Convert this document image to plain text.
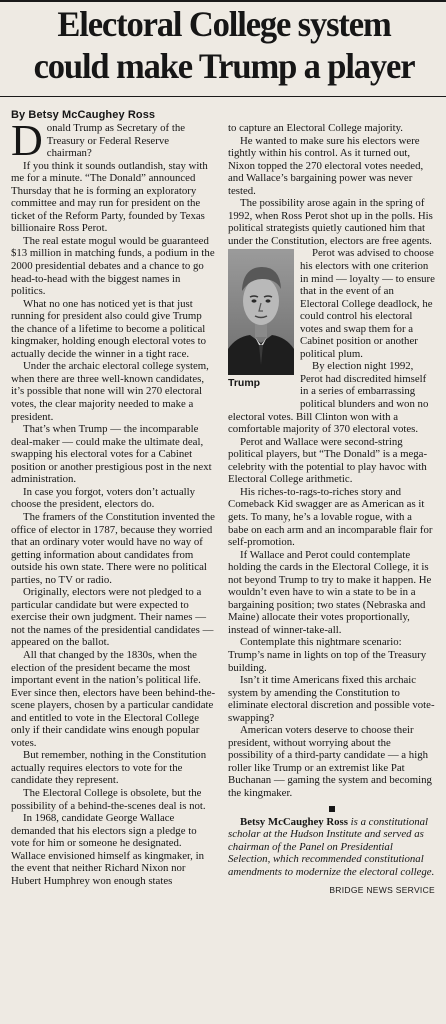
Electoral College system
could make Trump a player
By Betsy McCaughey Ross

Donald Trump as Secretary of the Treasury or Federal Reserve chairman?

If you think it sounds outlandish, stay with me for a minute. “The Donald” announced Thursday that he is forming an exploratory committee and may run for president on the ticket of the Reform Party, founded by Texas billionaire Ross Perot.

The real estate mogul would be guaranteed $13 million in matching funds, a podium in the 2000 presidential debates and a chance to go head-to-head with the biggest names in politics.

What no one has noticed yet is that just running for president also could give Trump the chance of a lifetime to become a political kingmaker, holding enough electoral votes to actually decide the winner in a tight race.

Under the archaic electoral college system, when there are three well-known candidates, it’s possible that none will win 270 electoral votes, the clear majority needed to make a president.

That’s when Trump — the incomparable deal-maker — could make the ultimate deal, swapping his electoral votes for a Cabinet position or another prestigious post in the next administration.

In case you forgot, voters don’t actually choose the president, electors do.

The framers of the Constitution invented the office of elector in 1787, because they worried that an ordinary voter would have no way of getting information about candidates from outside his own state. There were no political parties, no TV or radio.

Originally, electors were not pledged to a particular candidate but were expected to exercise their own judgment. Their names — not the names of the presidential candidates — appeared on the ballot.

All that changed by the 1830s, when the election of the president became the most important event in the nation’s political life. Ever since then, electors have been behind-the-scene players, chosen by a particular candidate and entitled to vote in the Electoral College only if their candidate wins enough popular votes.

But remember, nothing in the Constitution actually requires electors to vote for the candidate they represent.

The Electoral College is obsolete, but the possibility of a behind-the-scenes deal is not.

In 1968, candidate George Wallace demanded that his electors sign a pledge to vote for him or someone he designated. Wallace envisioned himself as kingmaker, in the event that neither Richard Nixon nor Hubert Humphrey won enough states

to capture an Electoral College majority.

He wanted to make sure his electors were tightly within his control. As it turned out, Nixon topped the 270 electoral votes needed, and Wallace’s bargaining power was never tested.

The possibility arose again in the spring of 1992, when Ross Perot shot up in the polls. His political strategists quietly cautioned him that under the Constitution, electors are free agents.

Trump

Perot was advised to choose his electors with one criterion in mind — loyalty — to ensure that in the event of an Electoral College deadlock, he could control his electoral votes and swap them for a Cabinet position or another political plum.

By election night 1992, Perot had discredited himself in a series of embarrassing political blunders and won no electoral votes. Bill Clinton won with a comfortable majority of 370 electoral votes.

Perot and Wallace were second-string political players, but “The Donald” is a mega-celebrity with the potential to play havoc with Electoral College arithmetic.

His riches-to-rags-to-riches story and Comeback Kid swagger are as American as it gets. To many, he’s a lovable rogue, with a babe on each arm and an incomparable flair for self-promotion.

If Wallace and Perot could contemplate holding the cards in the Electoral College, it is not beyond Trump to try to make it happen. He wouldn’t even have to win a state to be in a bargaining position; two states (Nebraska and Maine) allocate their votes proportionally, instead of winner-take-all.

Contemplate this nightmare scenario: Trump’s name in lights on top of the Treasury building.

Isn’t it time Americans fixed this archaic system by amending the Constitution to eliminate electoral discretion and possible vote-swapping?

American voters deserve to choose their president, without worrying about the possibility of a third-party candidate — a high roller like Trump or an extremist like Pat Buchanan — gaming the system and becoming the kingmaker.

Betsy McCaughey Ross is a constitutional scholar at the Hudson Institute and served as chairman of the Panel on Presidential Selection, which recommended constitutional amendments to modernize the electoral college.

BRIDGE NEWS SERVICE
